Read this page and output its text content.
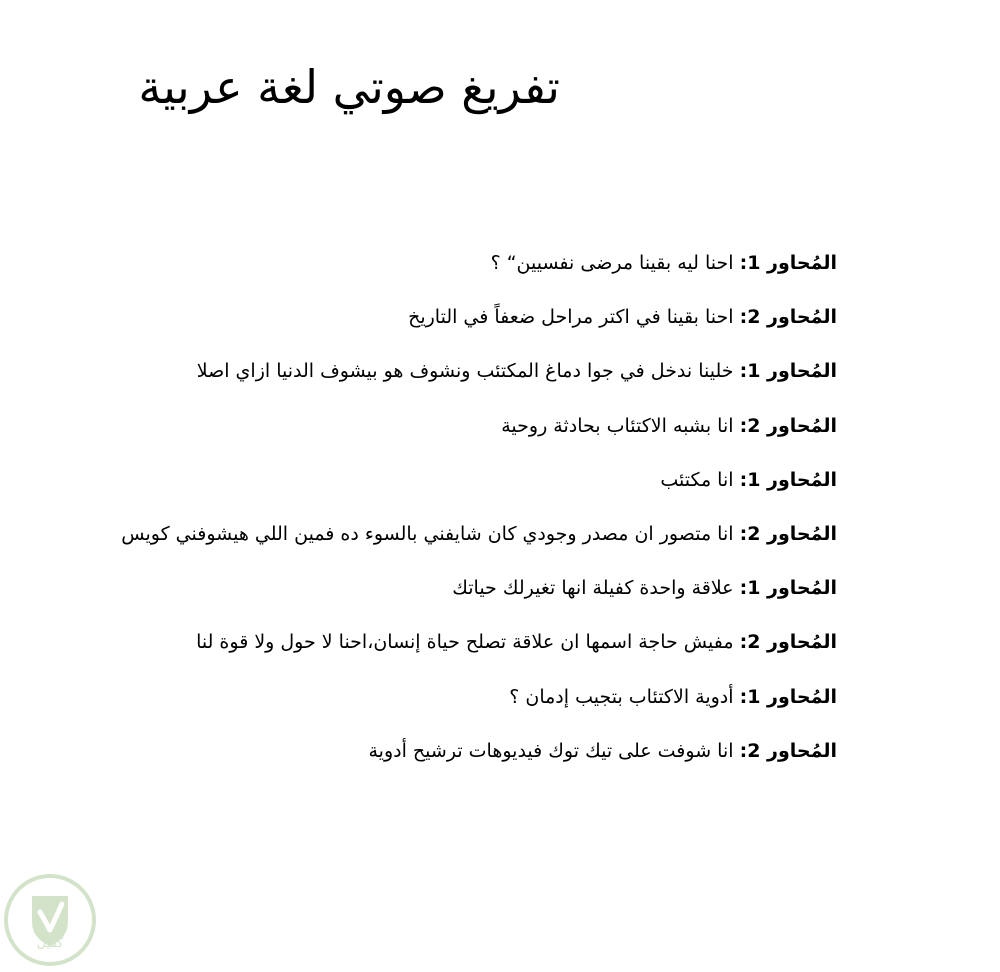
تفريغ صوتي لغة عربية
المُحاور 1: احنا ليه بقينا مرضى نفسيين“ ؟
المُحاور 2: احنا بقينا في اكتر مراحل ضعفاً في التاريخ
المُحاور 1: خلينا ندخل في جوا دماغ المكتئب ونشوف هو بيشوف الدنيا ازاي اصلا
المُحاور 2: انا بشبه الاكتئاب بحادثة روحية
المُحاور 1: انا مكتئب
المُحاور 2: انا متصور ان مصدر وجودي كان شايفني بالسوء ده فمين اللي هيشوفني كويس
المُحاور 1: علاقة واحدة كفيلة انها تغيرلك حياتك
المُحاور 2: مفيش حاجة اسمها ان علاقة تصلح حياة إنسان،احنا لا حول ولا قوة لنا
المُحاور 1: أدوية الاكتئاب بتجيب إدمان ؟
المُحاور 2: انا شوفت على تيك توك فيديوهات ترشيح أدوية
كفيل
